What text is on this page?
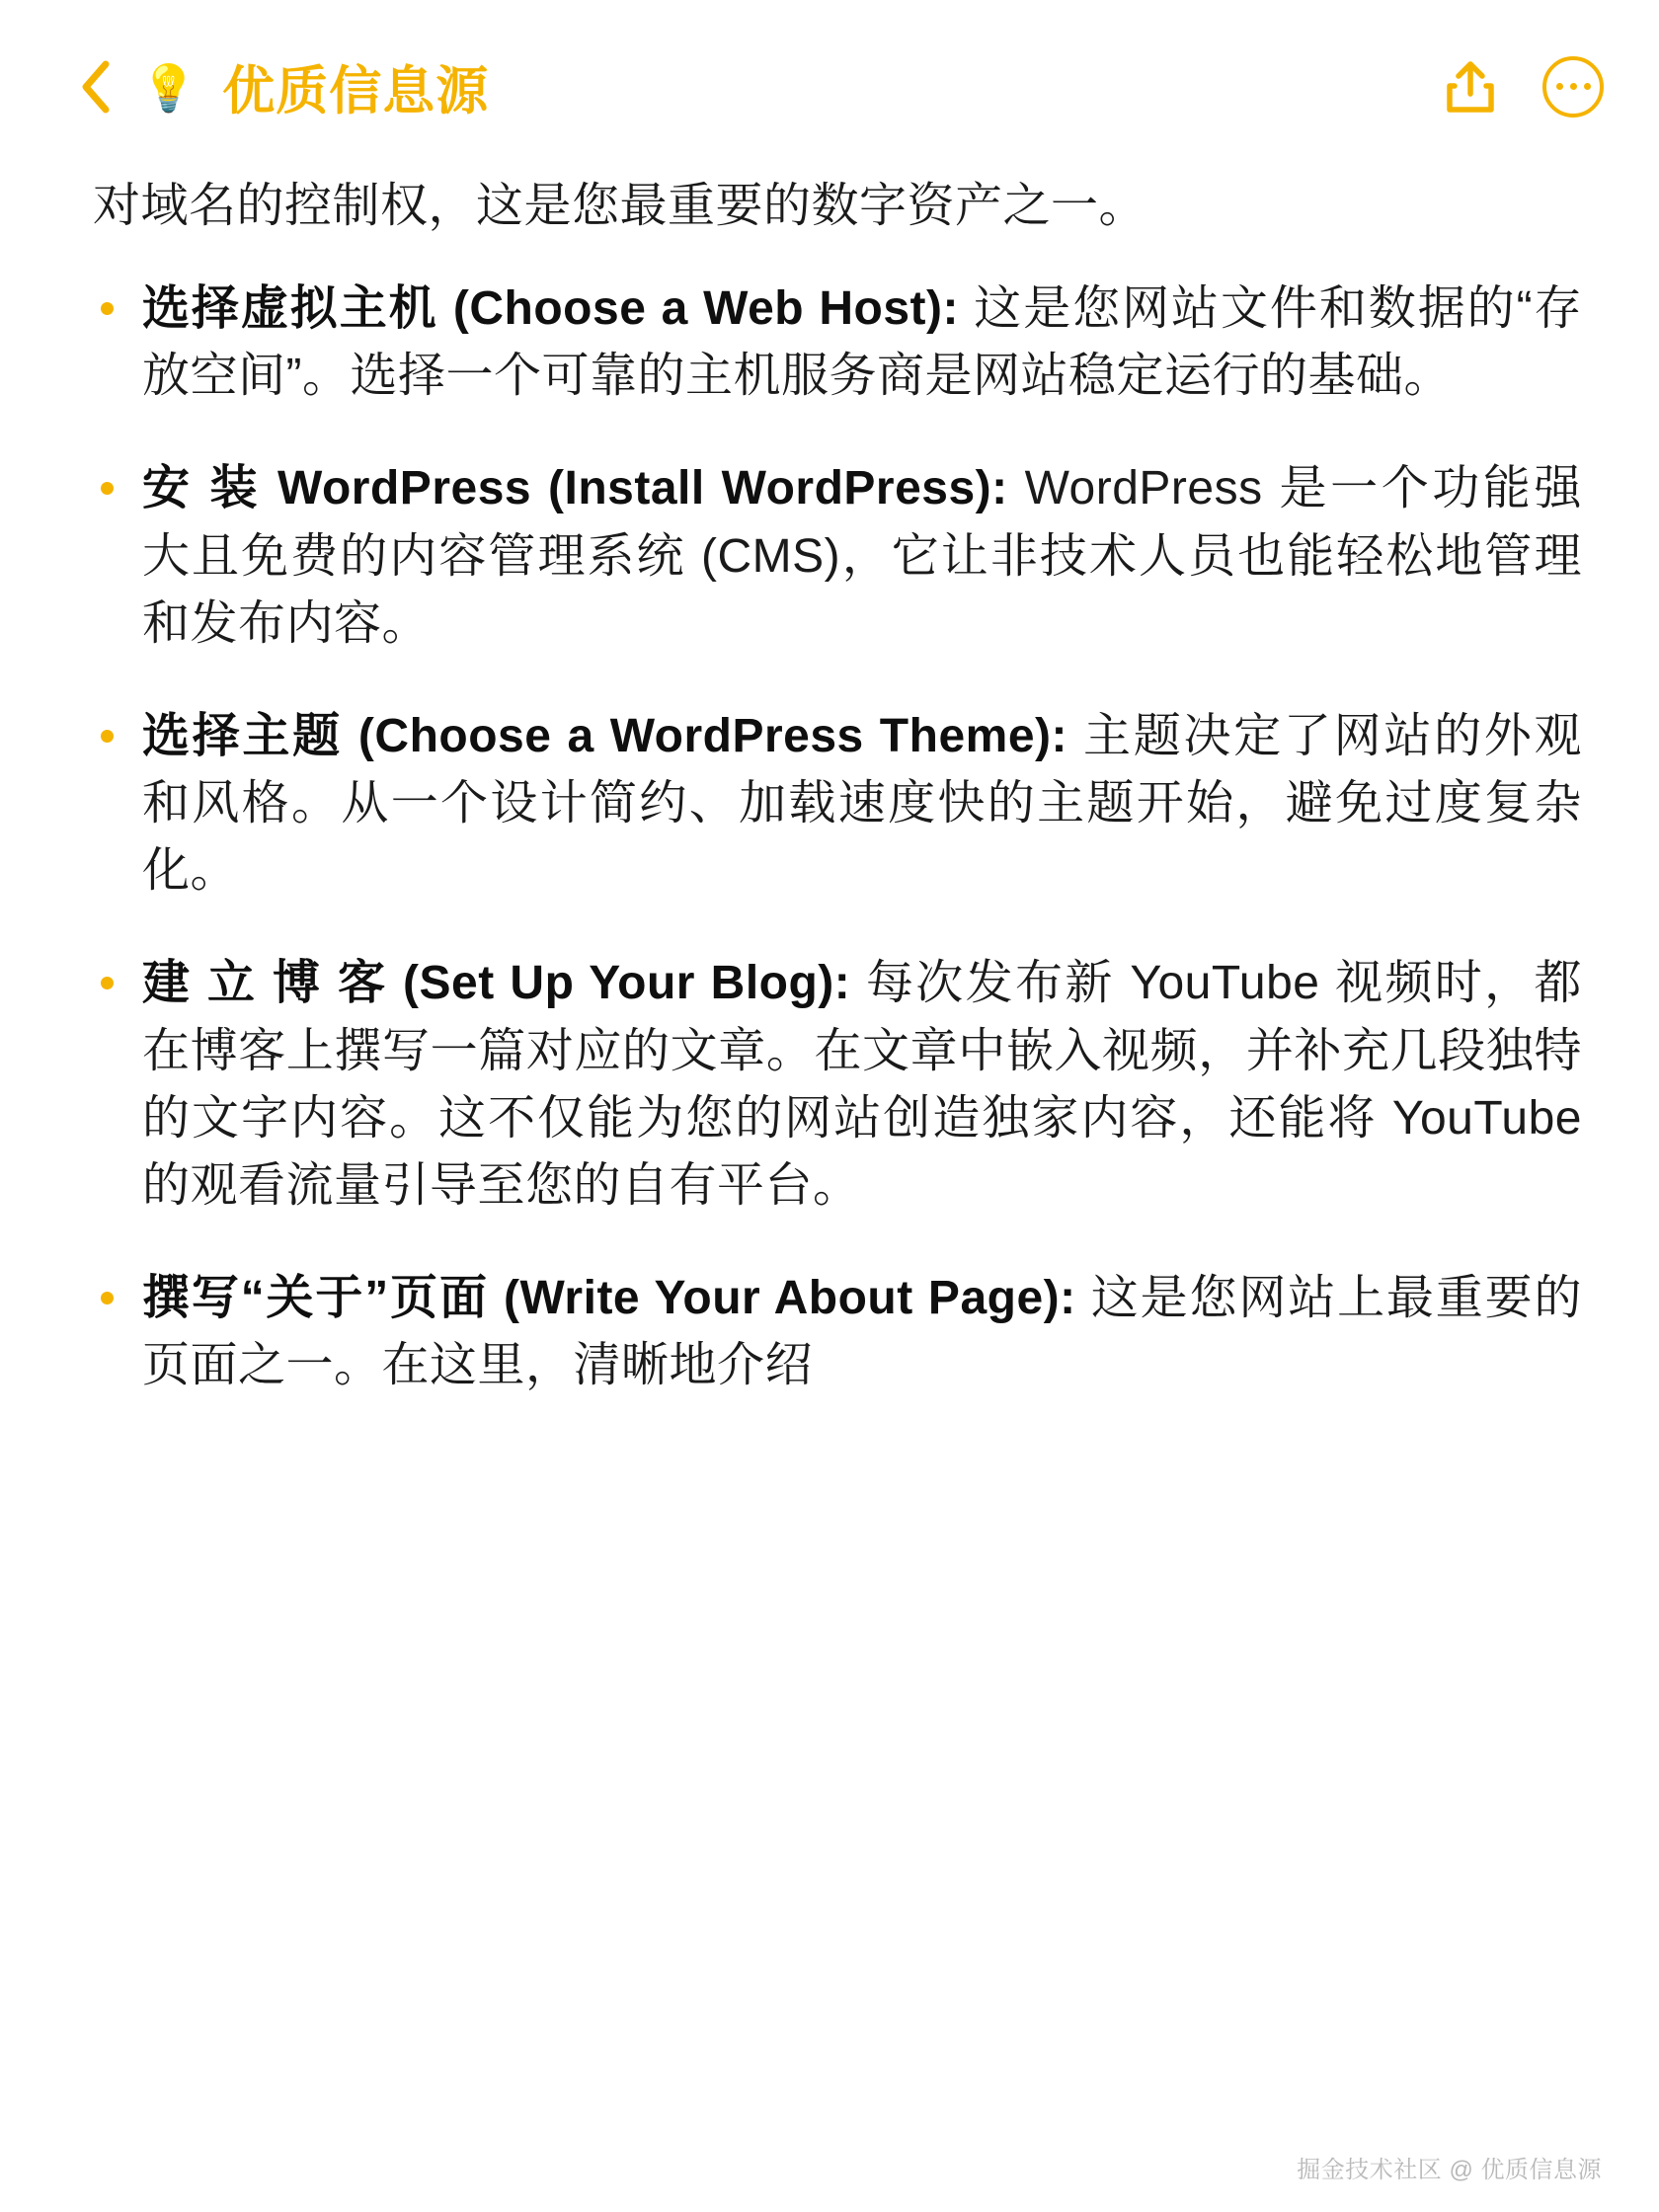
💡 优质信息源

对域名的控制权，这是您最重要的数字资产之一。

选择虚拟主机 (Choose a Web Host): 这是您网站文件和数据的“存放空间”。选择一个可靠的主机服务商是网站稳定运行的基础。
安 装 WordPress (Install WordPress): WordPress 是一个功能强大且免费的内容管理系统 (CMS)，它让非技术人员也能轻松地管理和发布内容。
选择主题 (Choose a WordPress Theme): 主题决定了网站的外观和风格。从一个设计简约、加载速度快的主题开始，避免过度复杂化。
建 立 博 客 (Set Up Your Blog): 每次发布新 YouTube 视频时，都在博客上撰写一篇对应的文章。在文章中嵌入视频，并补充几段独特的文字内容。这不仅能为您的网站创造独家内容，还能将 YouTube 的观看流量引导至您的自有平台。
撰写“关于”页面 (Write Your About Page): 这是您网站上最重要的页面之一。在这里，清晰地介绍
掘金技术社区 @ 优质信息源
